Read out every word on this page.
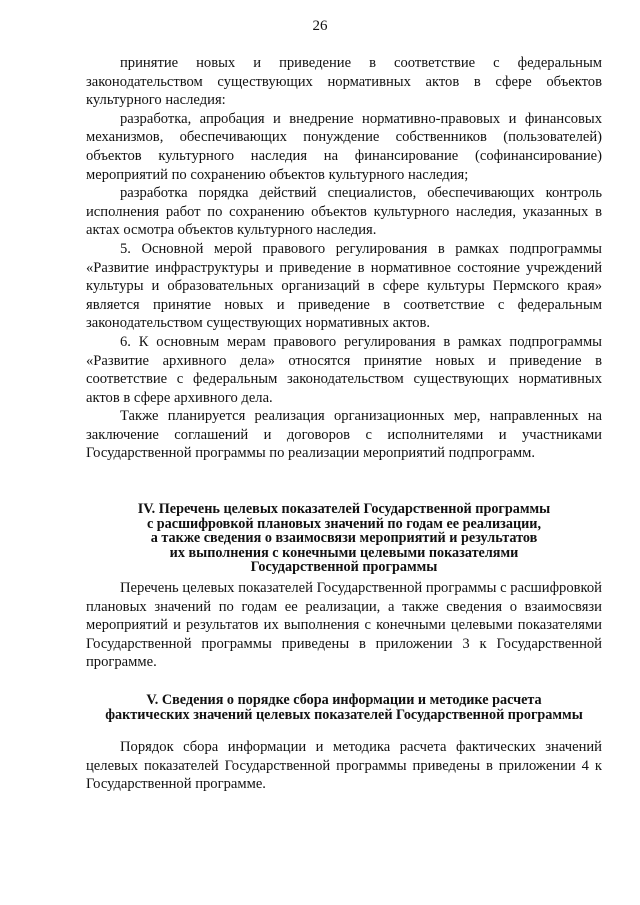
26

принятие новых и приведение в соответствие с федеральным законодательством существующих нормативных актов в сфере объектов культурного наследия:

разработка, апробация и внедрение нормативно-правовых и финансовых механизмов, обеспечивающих понуждение собственников (пользователей) объектов культурного наследия на финансирование (софинансирование) мероприятий по сохранению объектов культурного наследия;

разработка порядка действий специалистов, обеспечивающих контроль исполнения работ по сохранению объектов культурного наследия, указанных в актах осмотра объектов культурного наследия.

5. Основной мерой правового регулирования в рамках подпрограммы «Развитие инфраструктуры и приведение в нормативное состояние учреждений культуры и образовательных организаций в сфере культуры Пермского края» является принятие новых и приведение в соответствие с федеральным законодательством существующих нормативных актов.

6. К основным мерам правового регулирования в рамках подпрограммы «Развитие архивного дела» относятся принятие новых и приведение в соответствие с федеральным законодательством существующих нормативных актов в сфере архивного дела.

Также планируется реализация организационных мер, направленных на заключение соглашений и договоров с исполнителями и участниками Государственной программы по реализации мероприятий подпрограмм.

IV. Перечень целевых показателей Государственной программы
с расшифровкой плановых значений по годам ее реализации,
а также сведения о взаимосвязи мероприятий и результатов
их выполнения с конечными целевыми показателями
Государственной программы

Перечень целевых показателей Государственной программы с расшифровкой плановых значений по годам ее реализации, а также сведения о взаимосвязи мероприятий и результатов их выполнения с конечными целевыми показателями Государственной программы приведены в приложении 3 к Государственной программе.

V. Сведения о порядке сбора информации и методике расчета
фактических значений целевых показателей Государственной программы

Порядок сбора информации и методика расчета фактических значений целевых показателей Государственной программы приведены в приложении 4 к Государственной программе.
